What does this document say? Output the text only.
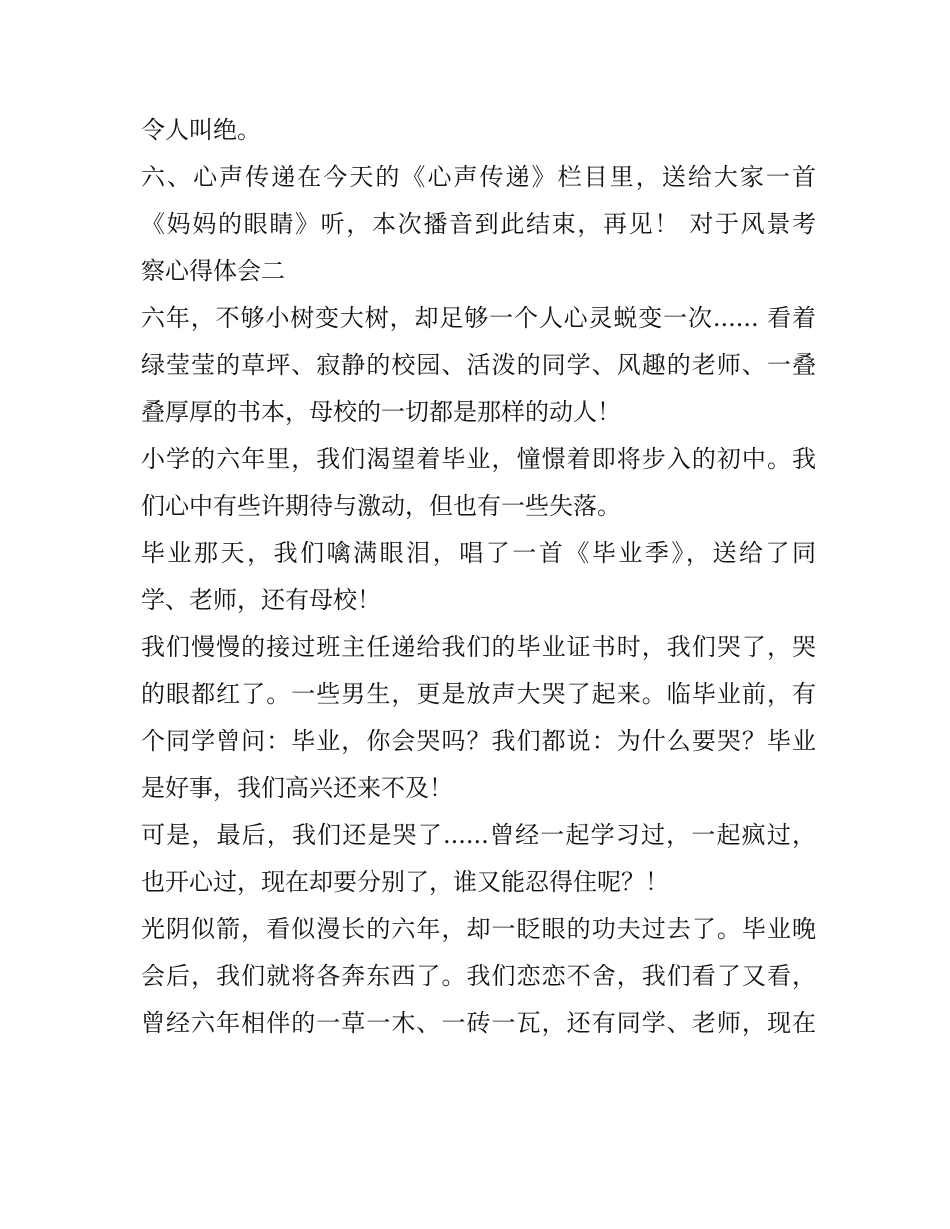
令人叫绝。
六、心声传递在今天的《心声传递》栏目里，送给大家一首
《妈妈的眼睛》听，本次播音到此结束，再见！ 对于风景考
察心得体会二
六年，不够小树变大树，却足够一个人心灵蜕变一次...... 看着
绿莹莹的草坪、寂静的校园、活泼的同学、风趣的老师、一叠
叠厚厚的书本，母校的一切都是那样的动人！
小学的六年里，我们渴望着毕业，憧憬着即将步入的初中。我
们心中有些许期待与激动，但也有一些失落。
毕业那天，我们噙满眼泪，唱了一首《毕业季》，送给了同
学、老师，还有母校！
我们慢慢的接过班主任递给我们的毕业证书时，我们哭了，哭
的眼都红了。一些男生，更是放声大哭了起来。临毕业前，有
个同学曾问：毕业，你会哭吗？我们都说：为什么要哭？毕业
是好事，我们高兴还来不及！
可是，最后，我们还是哭了......曾经一起学习过，一起疯过，
也开心过，现在却要分别了，谁又能忍得住呢？！
光阴似箭，看似漫长的六年，却一眨眼的功夫过去了。毕业晚
会后，我们就将各奔东西了。我们恋恋不舍，我们看了又看，
曾经六年相伴的一草一木、一砖一瓦，还有同学、老师，现在
